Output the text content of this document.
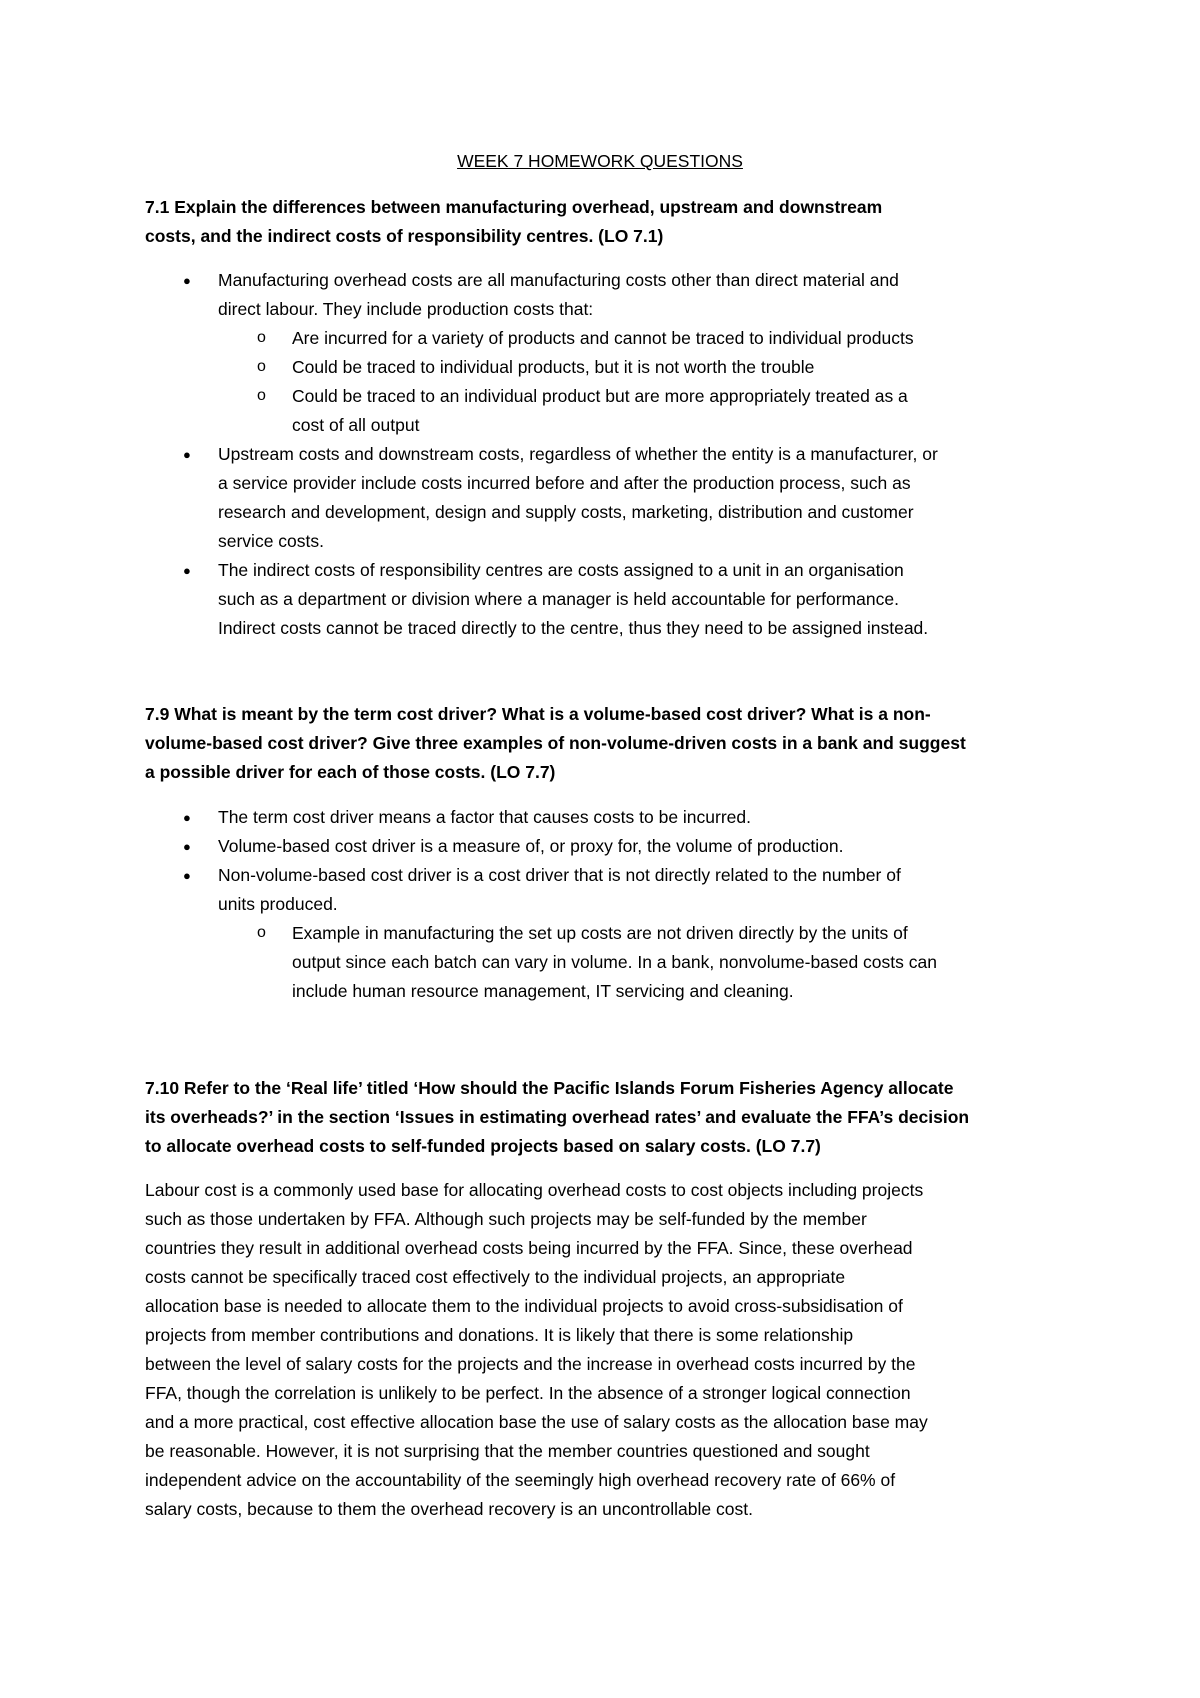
WEEK 7 HOMEWORK QUESTIONS
7.1 Explain the differences between manufacturing overhead, upstream and downstream
costs, and the indirect costs of responsibility centres. (LO 7.1)
● Manufacturing overhead costs are all manufacturing costs other than direct material and
direct labour. They include production costs that:
o Are incurred for a variety of products and cannot be traced to individual products
o Could be traced to individual products, but it is not worth the trouble
o Could be traced to an individual product but are more appropriately treated as a
cost of all output
● Upstream costs and downstream costs, regardless of whether the entity is a manufacturer, or
a service provider include costs incurred before and after the production process, such as
research and development, design and supply costs, marketing, distribution and customer
service costs.
● The indirect costs of responsibility centres are costs assigned to a unit in an organisation
such as a department or division where a manager is held accountable for performance.
Indirect costs cannot be traced directly to the centre, thus they need to be assigned instead.
7.9 What is meant by the term cost driver? What is a volume-based cost driver? What is a non-
volume-based cost driver? Give three examples of non-volume-driven costs in a bank and suggest
a possible driver for each of those costs. (LO 7.7)
● The term cost driver means a factor that causes costs to be incurred.
● Volume-based cost driver is a measure of, or proxy for, the volume of production.
● Non-volume-based cost driver is a cost driver that is not directly related to the number of
units produced.
o Example in manufacturing the set up costs are not driven directly by the units of
output since each batch can vary in volume. In a bank, nonvolume-based costs can
include human resource management, IT servicing and cleaning.
7.10 Refer to the ‘Real life’ titled ‘How should the Pacific Islands Forum Fisheries Agency allocate
its overheads?’ in the section ‘Issues in estimating overhead rates’ and evaluate the FFA’s decision
to allocate overhead costs to self-funded projects based on salary costs. (LO 7.7)
Labour cost is a commonly used base for allocating overhead costs to cost objects including projects
such as those undertaken by FFA. Although such projects may be self-funded by the member
countries they result in additional overhead costs being incurred by the FFA. Since, these overhead
costs cannot be specifically traced cost effectively to the individual projects, an appropriate
allocation base is needed to allocate them to the individual projects to avoid cross-subsidisation of
projects from member contributions and donations. It is likely that there is some relationship
between the level of salary costs for the projects and the increase in overhead costs incurred by the
FFA, though the correlation is unlikely to be perfect. In the absence of a stronger logical connection
and a more practical, cost effective allocation base the use of salary costs as the allocation base may
be reasonable. However, it is not surprising that the member countries questioned and sought
independent advice on the accountability of the seemingly high overhead recovery rate of 66% of
salary costs, because to them the overhead recovery is an uncontrollable cost.
